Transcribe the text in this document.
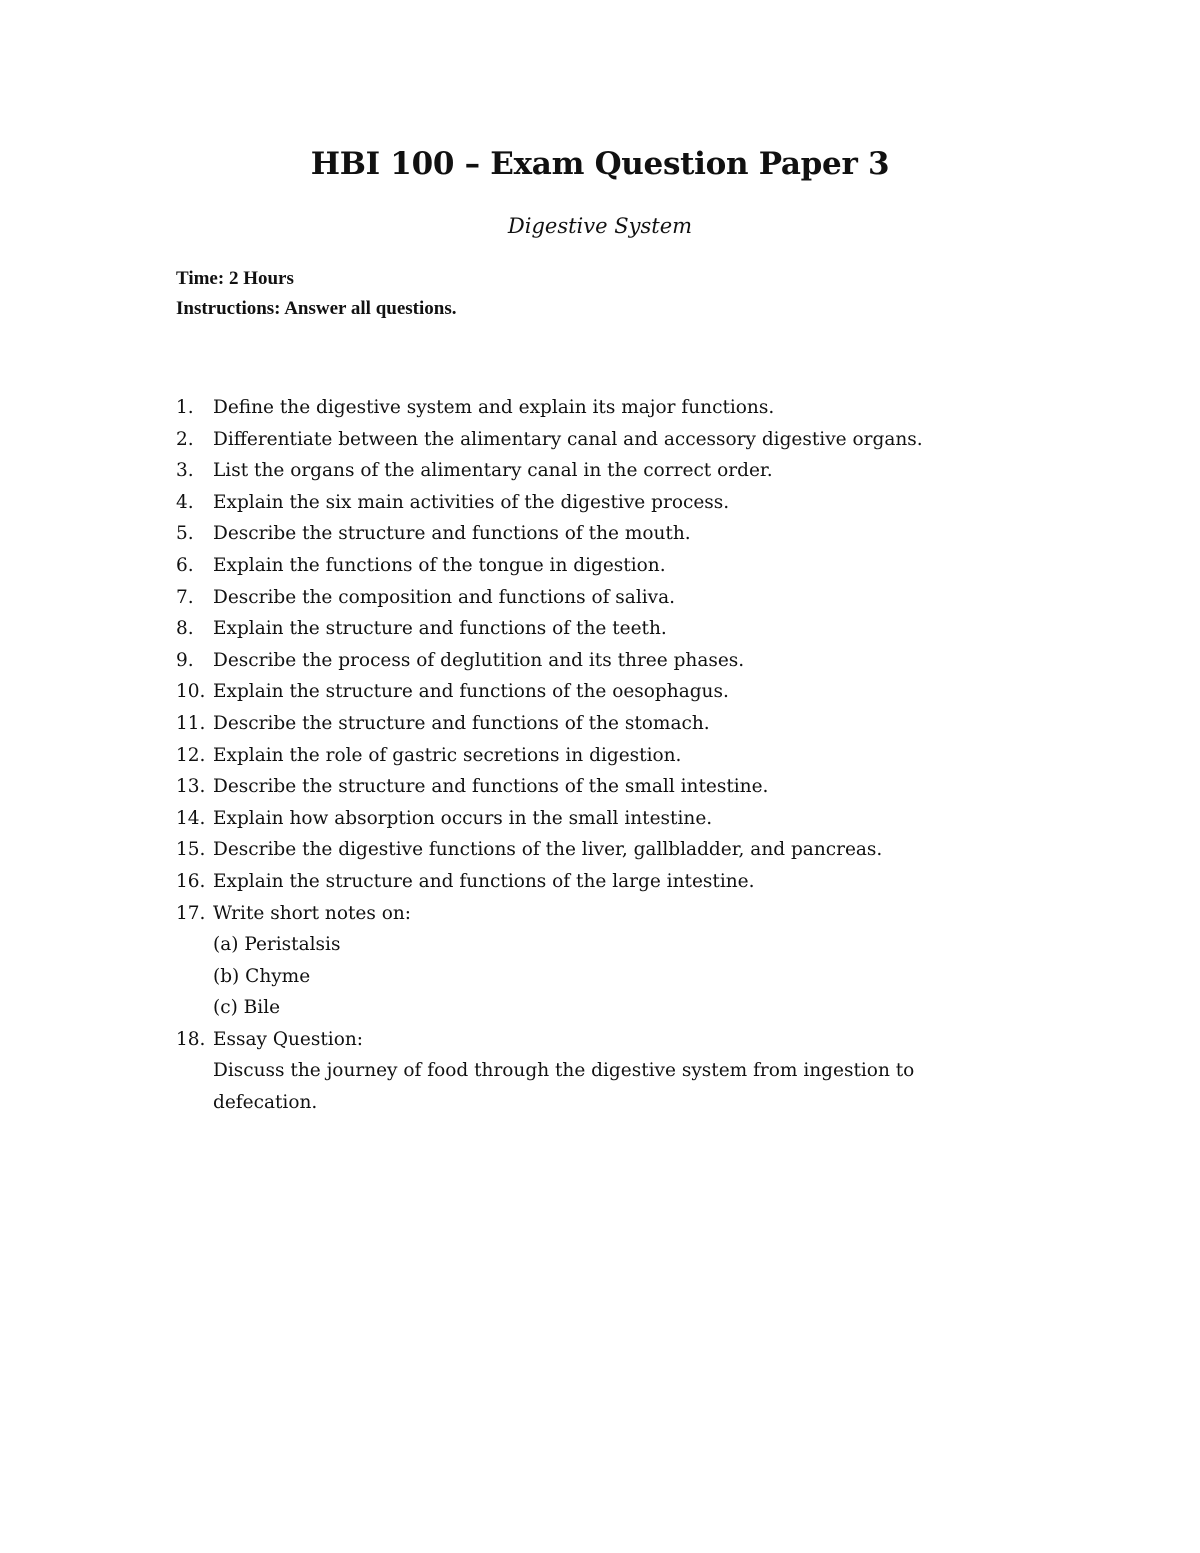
HBI 100 – Exam Question Paper 3
Digestive System
Time: 2 Hours
Instructions: Answer all questions.
1. Define the digestive system and explain its major functions.
2. Differentiate between the alimentary canal and accessory digestive organs.
3. List the organs of the alimentary canal in the correct order.
4. Explain the six main activities of the digestive process.
5. Describe the structure and functions of the mouth.
6. Explain the functions of the tongue in digestion.
7. Describe the composition and functions of saliva.
8. Explain the structure and functions of the teeth.
9. Describe the process of deglutition and its three phases.
10. Explain the structure and functions of the oesophagus.
11. Describe the structure and functions of the stomach.
12. Explain the role of gastric secretions in digestion.
13. Describe the structure and functions of the small intestine.
14. Explain how absorption occurs in the small intestine.
15. Describe the digestive functions of the liver, gallbladder, and pancreas.
16. Explain the structure and functions of the large intestine.
17. Write short notes on:
(a) Peristalsis
(b) Chyme
(c) Bile
18. Essay Question:
Discuss the journey of food through the digestive system from ingestion to defecation.
